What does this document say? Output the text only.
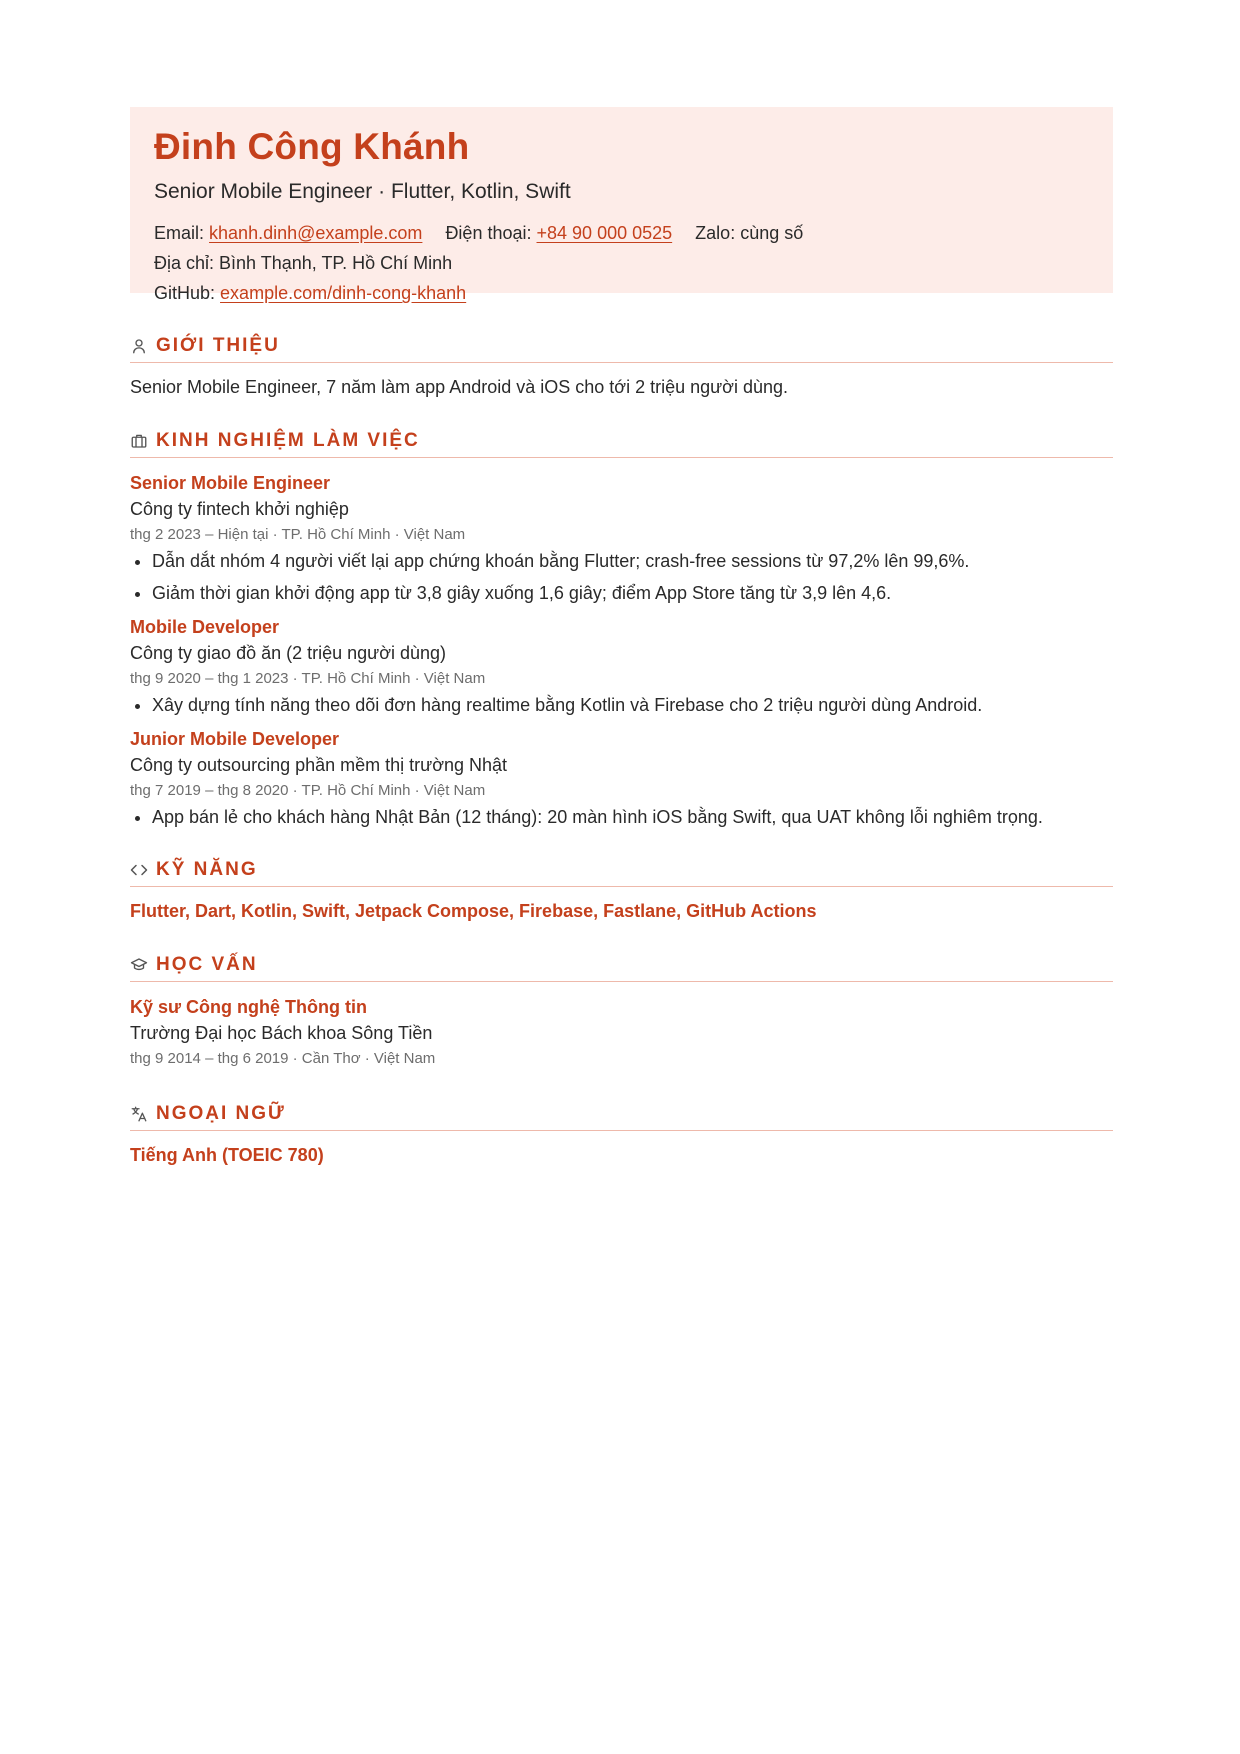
Đinh Công Khánh
Senior Mobile Engineer · Flutter, Kotlin, Swift
Email: khanh.dinh@example.com Điện thoại: +84 90 000 0525 Zalo: cùng số Địa chỉ: Bình Thạnh, TP. Hồ Chí Minh
GitHub: example.com/dinh-cong-khanh
GIỚI THIỆU
Senior Mobile Engineer, 7 năm làm app Android và iOS cho tới 2 triệu người dùng.
KINH NGHIỆM LÀM VIỆC
Senior Mobile Engineer
Công ty fintech khởi nghiệp
thg 2 2023 – Hiện tại · TP. Hồ Chí Minh · Việt Nam
• Dẫn dắt nhóm 4 người viết lại app chứng khoán bằng Flutter; crash-free sessions từ 97,2% lên 99,6%.
• Giảm thời gian khởi động app từ 3,8 giây xuống 1,6 giây; điểm App Store tăng từ 3,9 lên 4,6.
Mobile Developer
Công ty giao đồ ăn (2 triệu người dùng)
thg 9 2020 – thg 1 2023 · TP. Hồ Chí Minh · Việt Nam
• Xây dựng tính năng theo dõi đơn hàng realtime bằng Kotlin và Firebase cho 2 triệu người dùng Android.
Junior Mobile Developer
Công ty outsourcing phần mềm thị trường Nhật
thg 7 2019 – thg 8 2020 · TP. Hồ Chí Minh · Việt Nam
• App bán lẻ cho khách hàng Nhật Bản (12 tháng): 20 màn hình iOS bằng Swift, qua UAT không lỗi nghiêm trọng.
KỸ NĂNG
Flutter, Dart, Kotlin, Swift, Jetpack Compose, Firebase, Fastlane, GitHub Actions
HỌC VẤN
Kỹ sư Công nghệ Thông tin
Trường Đại học Bách khoa Sông Tiền
thg 9 2014 – thg 6 2019 · Cần Thơ · Việt Nam
NGOẠI NGỮ
Tiếng Anh (TOEIC 780)
